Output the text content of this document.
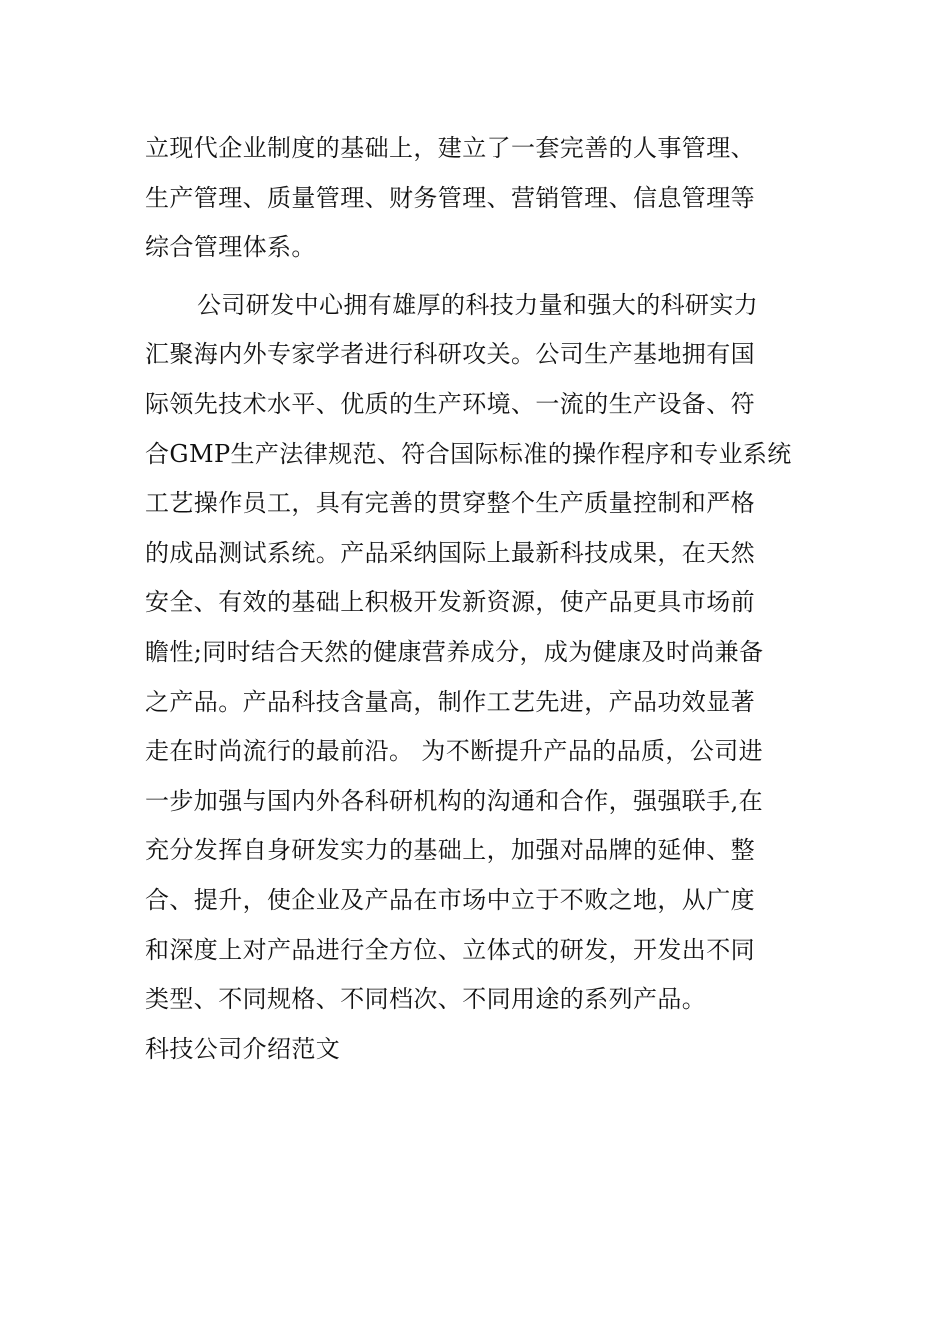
立现代企业制度的基础上，建立了一套完善的人事管理、
生产管理、质量管理、财务管理、营销管理、信息管理等
综合管理体系。
公司研发中心拥有雄厚的科技力量和强大的科研实力
汇聚海内外专家学者进行科研攻关。公司生产基地拥有国
际领先技术水平、优质的生产环境、一流的生产设备、符
合GMP生产法律规范、符合国际标准的操作程序和专业系统
工艺操作员工，具有完善的贯穿整个生产质量控制和严格
的成品测试系统。产品采纳国际上最新科技成果，在天然
安全、有效的基础上积极开发新资源，使产品更具市场前
瞻性;同时结合天然的健康营养成分，成为健康及时尚兼备
之产品。产品科技含量高，制作工艺先进，产品功效显著
走在时尚流行的最前沿。 为不断提升产品的品质，公司进
一步加强与国内外各科研机构的沟通和合作，强强联手,在
充分发挥自身研发实力的基础上，加强对品牌的延伸、整
合、提升，使企业及产品在市场中立于不败之地，从广度
和深度上对产品进行全方位、立体式的研发，开发出不同
类型、不同规格、不同档次、不同用途的系列产品。
科技公司介绍范文
